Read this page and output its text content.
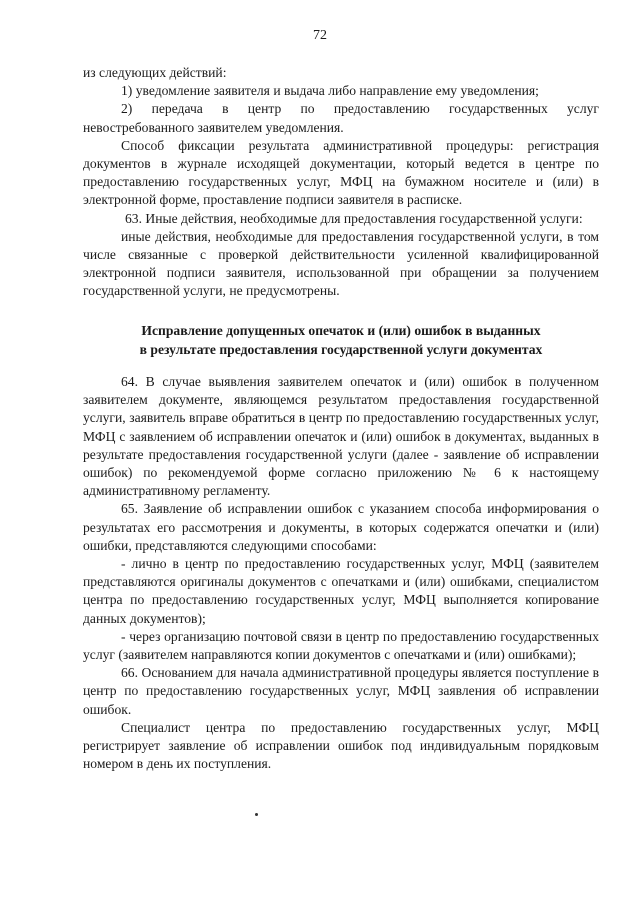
72

из следующих действий:

1) уведомление заявителя и выдача либо направление ему уведомления;

2) передача в центр по предоставлению государственных услуг невостребованного заявителем уведомления.

Способ фиксации результата административной процедуры: регистрация документов в журнале исходящей документации, который ведется в центре по предоставлению государственных услуг, МФЦ на бумажном носителе и (или) в электронной форме, проставление подписи заявителя в расписке.

63. Иные действия, необходимые для предоставления государственной услуги:

иные действия, необходимые для предоставления государственной услуги, в том числе связанные с проверкой действительности усиленной квалифицированной электронной подписи заявителя, использованной при обращении за получением государственной услуги, не предусмотрены.

Исправление допущенных опечаток и (или) ошибок в выданных
в результате предоставления государственной услуги документах

64. В случае выявления заявителем опечаток и (или) ошибок в полученном заявителем документе, являющемся результатом предоставления государственной услуги, заявитель вправе обратиться в центр по предоставлению государственных услуг, МФЦ с заявлением об исправлении опечаток и (или) ошибок в документах, выданных в результате предоставления государственной услуги (далее - заявление об исправлении ошибок) по рекомендуемой форме согласно приложению № 6 к настоящему административному регламенту.

65. Заявление об исправлении ошибок с указанием способа информирования о результатах его рассмотрения и документы, в которых содержатся опечатки и (или) ошибки, представляются следующими способами:

- лично в центр по предоставлению государственных услуг, МФЦ (заявителем представляются оригиналы документов с опечатками и (или) ошибками, специалистом центра по предоставлению государственных услуг, МФЦ выполняется копирование данных документов);

- через организацию почтовой связи в центр по предоставлению государственных услуг (заявителем направляются копии документов с опечатками и (или) ошибками);

66. Основанием для начала административной процедуры является поступление в центр по предоставлению государственных услуг, МФЦ заявления об исправлении ошибок.

Специалист центра по предоставлению государственных услуг, МФЦ регистрирует заявление об исправлении ошибок под индивидуальным порядковым номером в день их поступления.
